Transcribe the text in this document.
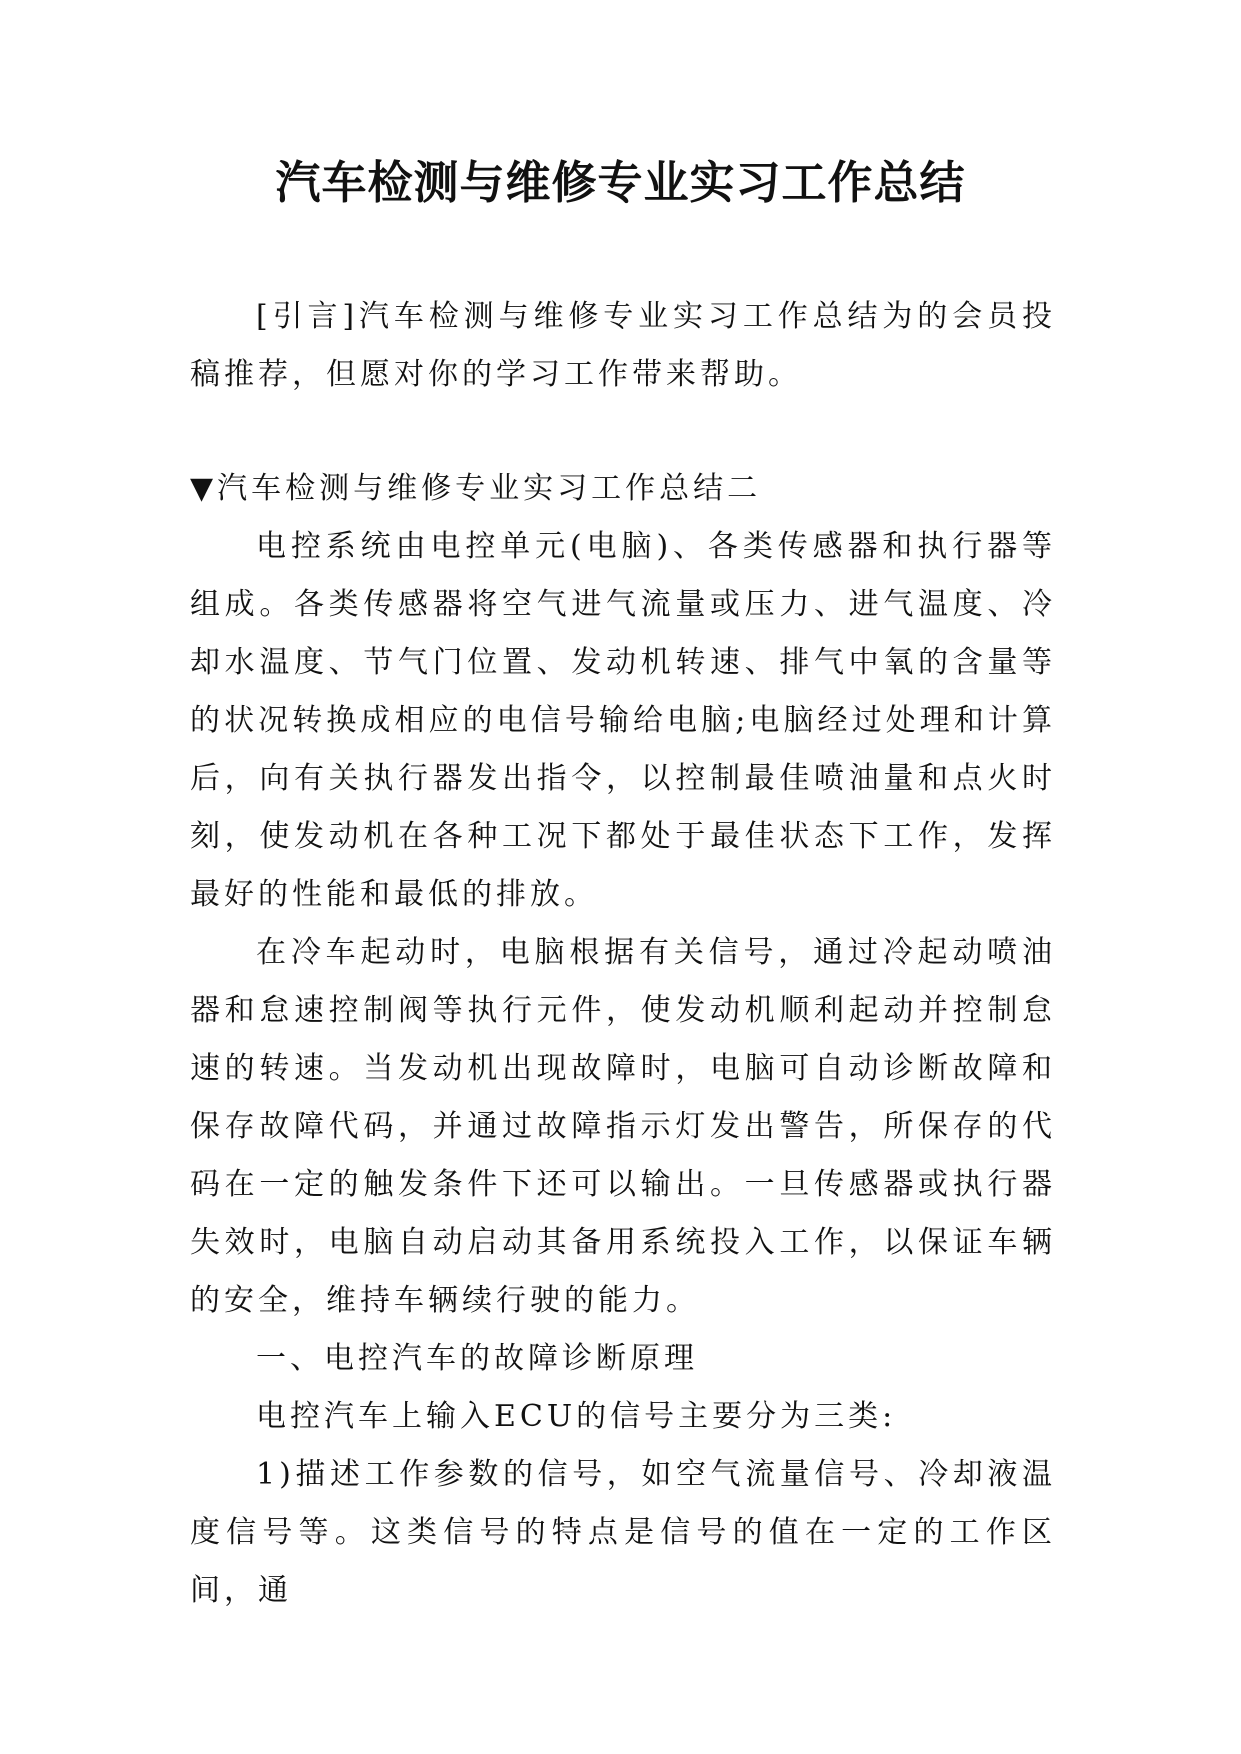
汽车检测与维修专业实习工作总结

[引言]汽车检测与维修专业实习工作总结为的会员投稿推荐，但愿对你的学习工作带来帮助。

▼汽车检测与维修专业实习工作总结二

电控系统由电控单元(电脑)、各类传感器和执行器等组成。各类传感器将空气进气流量或压力、进气温度、冷却水温度、节气门位置、发动机转速、排气中氧的含量等的状况转换成相应的电信号输给电脑;电脑经过处理和计算后，向有关执行器发出指令，以控制最佳喷油量和点火时刻，使发动机在各种工况下都处于最佳状态下工作，发挥最好的性能和最低的排放。

在冷车起动时，电脑根据有关信号，通过冷起动喷油器和怠速控制阀等执行元件，使发动机顺利起动并控制怠速的转速。当发动机出现故障时，电脑可自动诊断故障和保存故障代码，并通过故障指示灯发出警告，所保存的代码在一定的触发条件下还可以输出。一旦传感器或执行器失效时，电脑自动启动其备用系统投入工作，以保证车辆的安全，维持车辆续行驶的能力。

一、电控汽车的故障诊断原理

电控汽车上输入ECU的信号主要分为三类:

1)描述工作参数的信号，如空气流量信号、冷却液温度信号等。这类信号的特点是信号的值在一定的工作区间，通
